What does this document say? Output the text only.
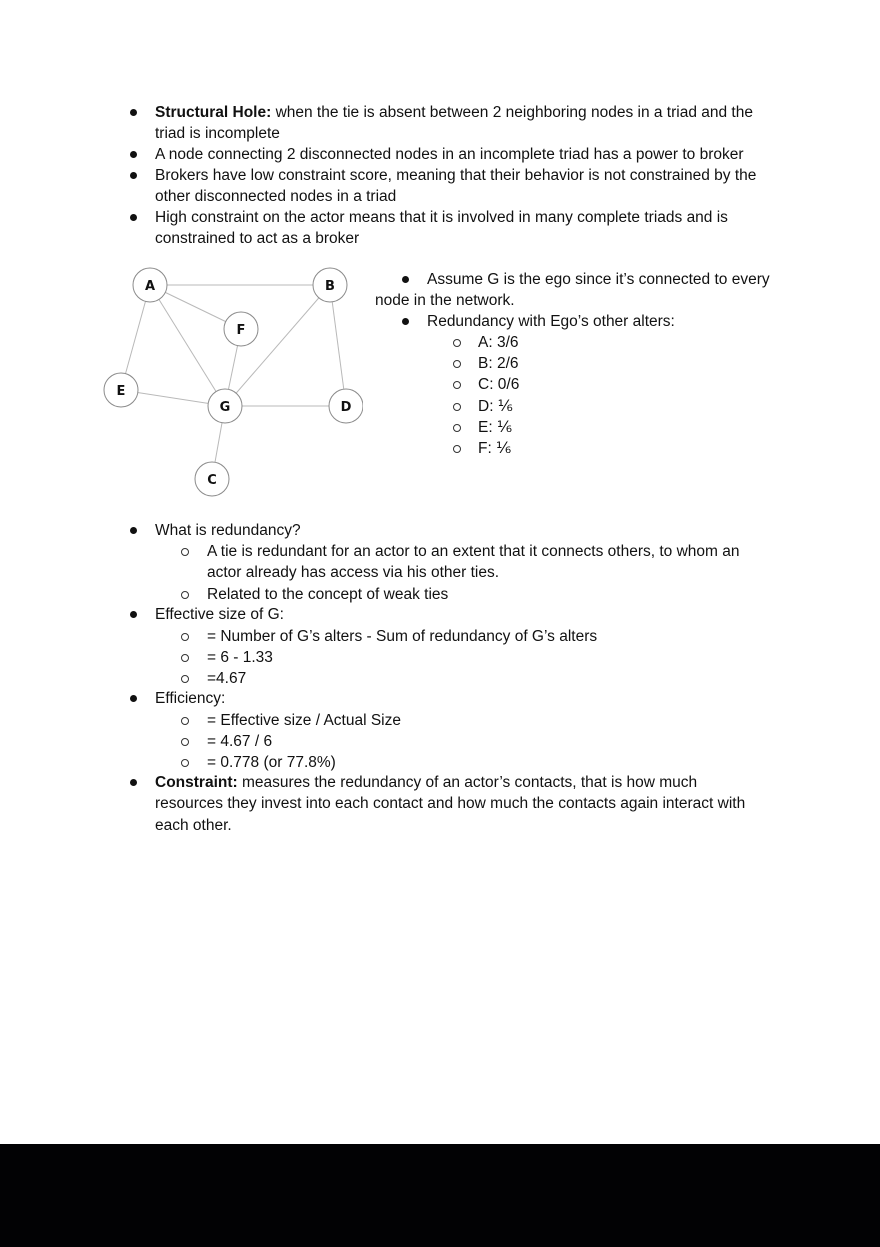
Structural Hole: when the tie is absent between 2 neighboring nodes in a triad and the
triad is incomplete
A node connecting 2 disconnected nodes in an incomplete triad has a power to broker
Brokers have low constraint score, meaning that their behavior is not constrained by the
other disconnected nodes in a triad
High constraint on the actor means that it is involved in many complete triads and is
constrained to act as a broker
A	B
F
E
G	D
C
Assume G is the ego since it’s connected to every
node in the network.
Redundancy with Ego’s other alters:
A: 3/6
B: 2/6
C: 0/6
D: ⅙
E: ⅙
F: ⅙
What is redundancy?
A tie is redundant for an actor to an extent that it connects others, to whom an
actor already has access via his other ties.
Related to the concept of weak ties
Effective size of G:
= Number of G’s alters - Sum of redundancy of G’s alters
= 6 - 1.33
=4.67
Efficiency:
= Effective size / Actual Size
= 4.67 / 6
= 0.778 (or 77.8%)
Constraint: measures the redundancy of an actor’s contacts, that is how much
resources they invest into each contact and how much the contacts again interact with
each other.
